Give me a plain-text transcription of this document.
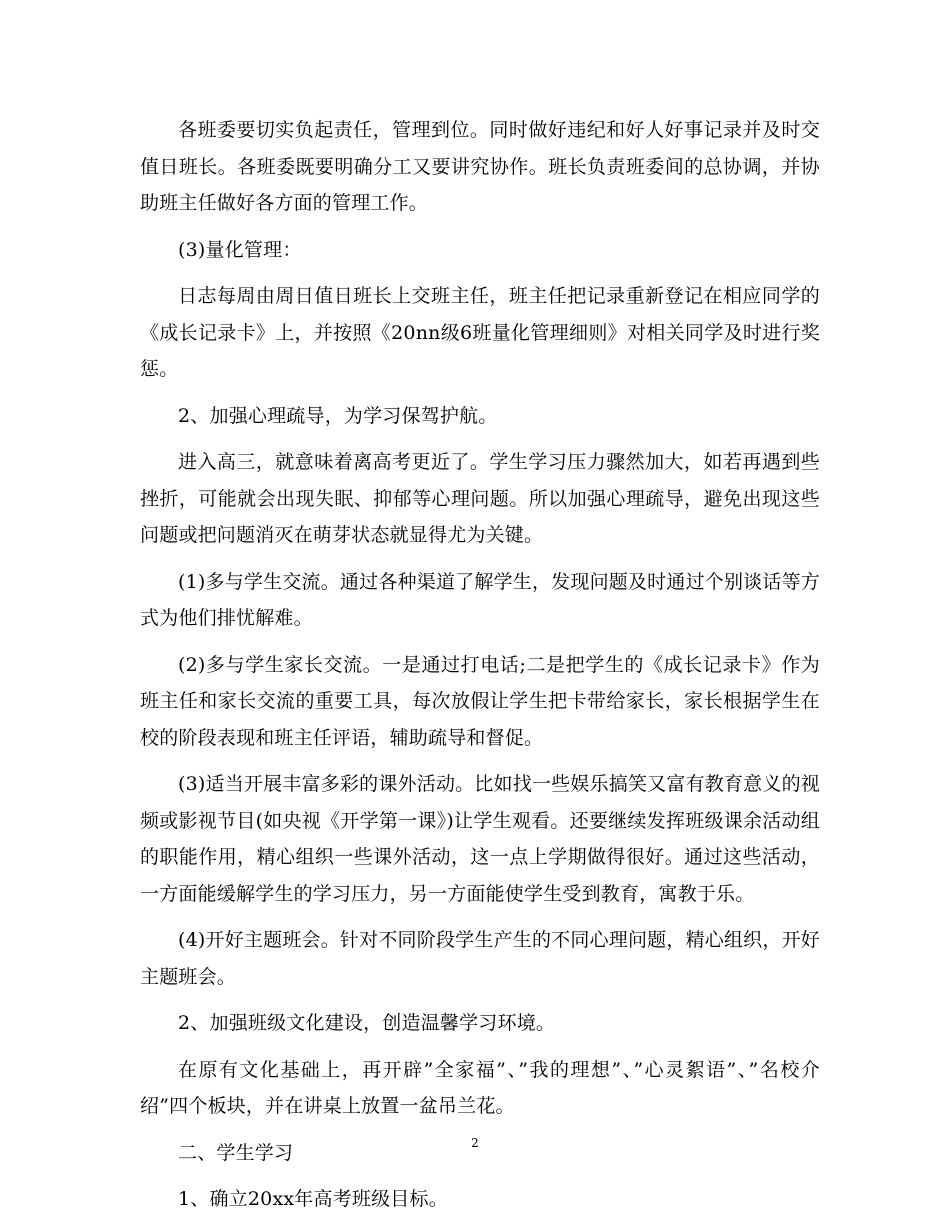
各班委要切实负起责任，管理到位。同时做好违纪和好人好事记录并及时交值日班长。各班委既要明确分工又要讲究协作。班长负责班委间的总协调，并协助班主任做好各方面的管理工作。

(3)量化管理：

日志每周由周日值日班长上交班主任，班主任把记录重新登记在相应同学的《成长记录卡》上，并按照《20nn级6班量化管理细则》对相关同学及时进行奖惩。

2、加强心理疏导，为学习保驾护航。

进入高三，就意味着离高考更近了。学生学习压力骤然加大，如若再遇到些挫折，可能就会出现失眠、抑郁等心理问题。所以加强心理疏导，避免出现这些问题或把问题消灭在萌芽状态就显得尤为关键。

(1)多与学生交流。通过各种渠道了解学生，发现问题及时通过个别谈话等方式为他们排忧解难。

(2)多与学生家长交流。一是通过打电话;二是把学生的《成长记录卡》作为班主任和家长交流的重要工具，每次放假让学生把卡带给家长，家长根据学生在校的阶段表现和班主任评语，辅助疏导和督促。

(3)适当开展丰富多彩的课外活动。比如找一些娱乐搞笑又富有教育意义的视频或影视节目(如央视《开学第一课》)让学生观看。还要继续发挥班级课余活动组的职能作用，精心组织一些课外活动，这一点上学期做得很好。通过这些活动，一方面能缓解学生的学习压力，另一方面能使学生受到教育，寓教于乐。

(4)开好主题班会。针对不同阶段学生产生的不同心理问题，精心组织，开好主题班会。

2、加强班级文化建设，创造温馨学习环境。

在原有文化基础上，再开辟”全家福”、”我的理想”、”心灵絮语”、”名校介绍”四个板块，并在讲桌上放置一盆吊兰花。

二、学生学习

1、确立20xx年高考班级目标。

2
